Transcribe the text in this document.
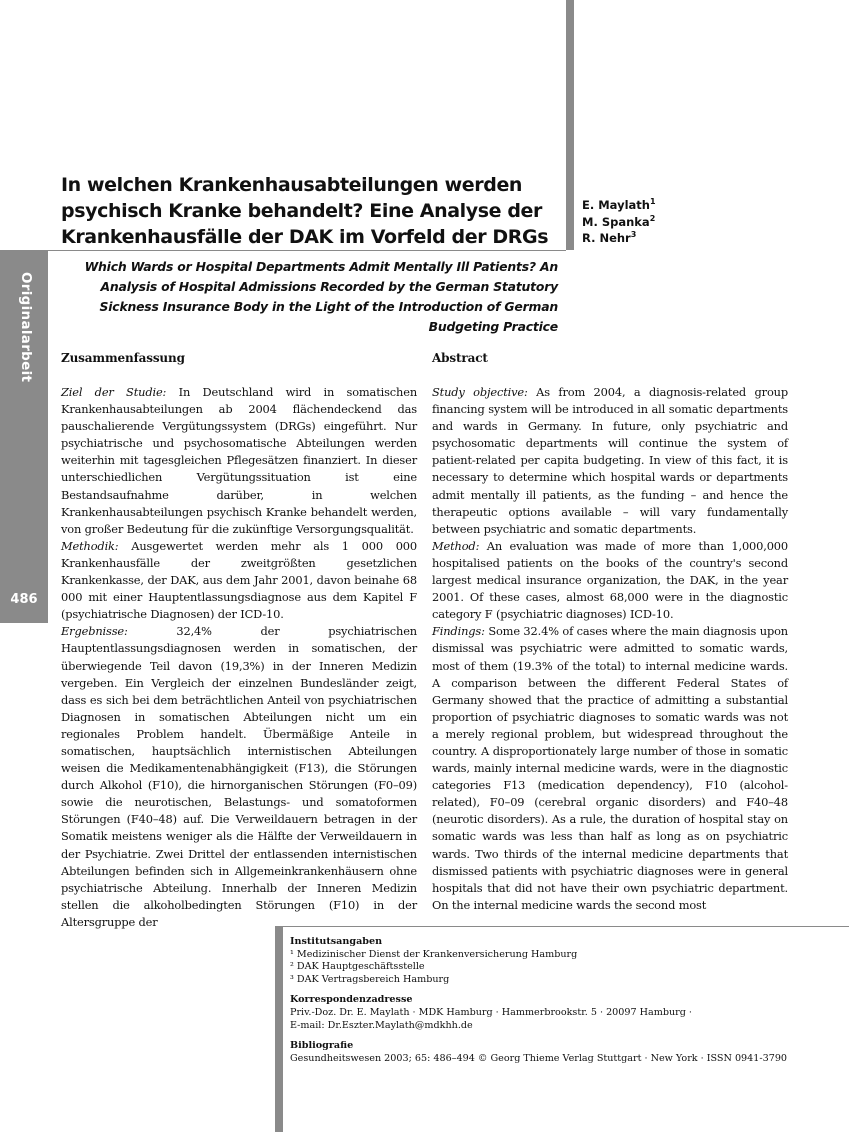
Originalarbeit
486
In welchen Krankenhausabteilungen werden psychisch Kranke behandelt? Eine Analyse der Krankenhausfälle der DAK im Vorfeld der DRGs
E. Maylath$^1$
M. Spanka$^2$
R. Nehr$^3$
Which Wards or Hospital Departments Admit Mentally Ill Patients? An Analysis of Hospital Admissions Recorded by the German Statutory Sickness Insurance Body in the Light of the Introduction of German Budgeting Practice
Zusammenfassung

Ziel der Studie: In Deutschland wird in somatischen Krankenhausabteilungen ab 2004 flächendeckend das pauschalierende Vergütungssystem (DRGs) eingeführt. Nur psychiatrische und psychosomatische Abteilungen werden weiterhin mit tagesgleichen Pflegesätzen finanziert. In dieser unterschiedlichen Vergütungssituation ist eine Bestandsaufnahme darüber, in welchen Krankenhausabteilungen psychisch Kranke behandelt werden, von großer Bedeutung für die zukünftige Versorgungsqualität.

Methodik: Ausgewertet werden mehr als 1 000 000 Krankenhausfälle der zweitgrößten gesetzlichen Krankenkasse, der DAK, aus dem Jahr 2001, davon beinahe 68 000 mit einer Hauptentlassungsdiagnose aus dem Kapitel F (psychiatrische Diagnosen) der ICD-10.

Ergebnisse:	32,4% der psychiatrischen Hauptentlassungsdiagnosen werden in somatischen, der überwiegende Teil davon (19,3%) in der Inneren Medizin vergeben. Ein Vergleich der einzelnen Bundesländer zeigt, dass es sich bei dem beträchtlichen Anteil von psychiatrischen Diagnosen in somatischen Abteilungen nicht um ein regionales Problem handelt. Übermäßige Anteile in somatischen, hauptsächlich internistischen Abteilungen weisen die Medikamentenabhängigkeit (F13), die Störungen durch Alkohol (F10), die hirnorganischen Störungen (F0–09) sowie die neurotischen, Belastungs- und somatoformen Störungen (F40–48) auf. Die Verweildauern betragen in der Somatik meistens weniger als die Hälfte der Verweildauern in der Psychiatrie. Zwei Drittel der entlassenden internistischen Abteilungen befinden sich in Allgemeinkrankenhäusern ohne psychiatrische Abteilung. Innerhalb der Inneren Medizin stellen die alkoholbedingten Störungen (F10) in der Altersgruppe der

Abstract

Study objective: As from 2004, a diagnosis-related group financing system will be introduced in all somatic departments and wards in Germany. In future, only psychiatric and psychosomatic departments will continue the system of patient-related per capita budgeting. In view of this fact, it is necessary to determine which hospital wards or departments admit mentally ill patients, as the funding – and hence the therapeutic options available – will vary fundamentally between psychiatric and somatic departments.

Method: An evaluation was made of more than 1,000,000 hospitalised patients on the books of the country's second largest medical insurance organization, the DAK, in the year 2001. Of these cases, almost 68,000 were in the diagnostic category F (psychiatric diagnoses) ICD-10.

Findings: Some 32.4% of cases where the main diagnosis upon dismissal was psychiatric were admitted to somatic wards, most of them (19.3% of the total) to internal medicine wards. A comparison between the different Federal States of Germany showed that the practice of admitting a substantial proportion of psychiatric diagnoses to somatic wards was not a merely regional problem, but widespread throughout the country. A disproportionately large number of those in somatic wards, mainly internal medicine wards, were in the diagnostic categories F13 (medication dependency), F10 (alcohol-related), F0–09 (cerebral organic disorders) and F40–48 (neurotic disorders). As a rule, the duration of hospital stay on somatic wards was less than half as long as on psychiatric wards. Two thirds of the internal medicine departments that dismissed patients with psychiatric diagnoses were in general hospitals that did not have their own psychiatric department. On the internal medicine wards the second most

Institutsangaben
¹ Medizinischer Dienst der Krankenversicherung Hamburg
² DAK Hauptgeschäftsstelle
³ DAK Vertragsbereich Hamburg
Korrespondenzadresse
Priv.-Doz. Dr. E. Maylath · MDK Hamburg · Hammerbrookstr. 5 · 20097 Hamburg ·
E-mail: Dr.Eszter.Maylath@mdkhh.de
Bibliografie
Gesundheitswesen 2003; 65: 486–494 © Georg Thieme Verlag Stuttgart · New York · ISSN 0941-3790
